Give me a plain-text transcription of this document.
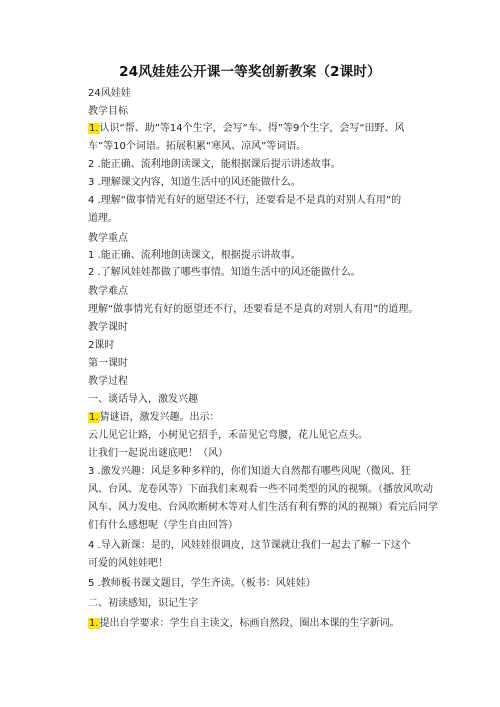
24风娃娃公开课一等奖创新教案（2课时）
24风娃娃
教学目标
1.认识“帮、助”等14个生字，会写“车、得”等9个生字，会写“田野、风
车”等10个词语。拓展积累“寒风、凉风”等词语。
2 .能正确、流利地朗读课文，能根据课后提示讲述故事。
3 .理解课文内容，知道生活中的风还能做什么。
4 .理解“做事情光有好的愿望还不行，还要看是不是真的对别人有用”的
道理。
教学重点
1 .能正确、流利地朗读课文，根据提示讲故事。
2 .了解风娃娃都做了哪些事情。知道生活中的风还能做什么。
教学难点
理解“做事情光有好的愿望还不行，还要看是不是真的对别人有用”的道理。
教学课时
2课时
第一课时
教学过程
一、谈话导入，激发兴趣
1.猜谜语，激发兴趣。出示：
云儿见它让路，小树见它招手，禾苗见它弯腰，花儿见它点头。
让我们一起说出谜底吧！（风）
3 .激发兴趣：风是多种多样的，你们知道大自然都有哪些风呢（微风、狂
风、台风、龙卷风等）下面我们来观看一些不同类型的风的视频。（播放风吹动
风车、风力发电、台风吹断树木等对人们生活有利有弊的风的视频）看完后同学
们有什么感想呢（学生自由回答）
4 .导入新课：是的，风娃娃很调皮，这节课就让我们一起去了解一下这个
可爱的风娃娃吧！
5 .教师板书课文题目，学生齐读。（板书：风娃娃）
二、初读感知，识记生字
1.提出自学要求：学生自主读文，标画自然段，圈出本课的生字新词。
